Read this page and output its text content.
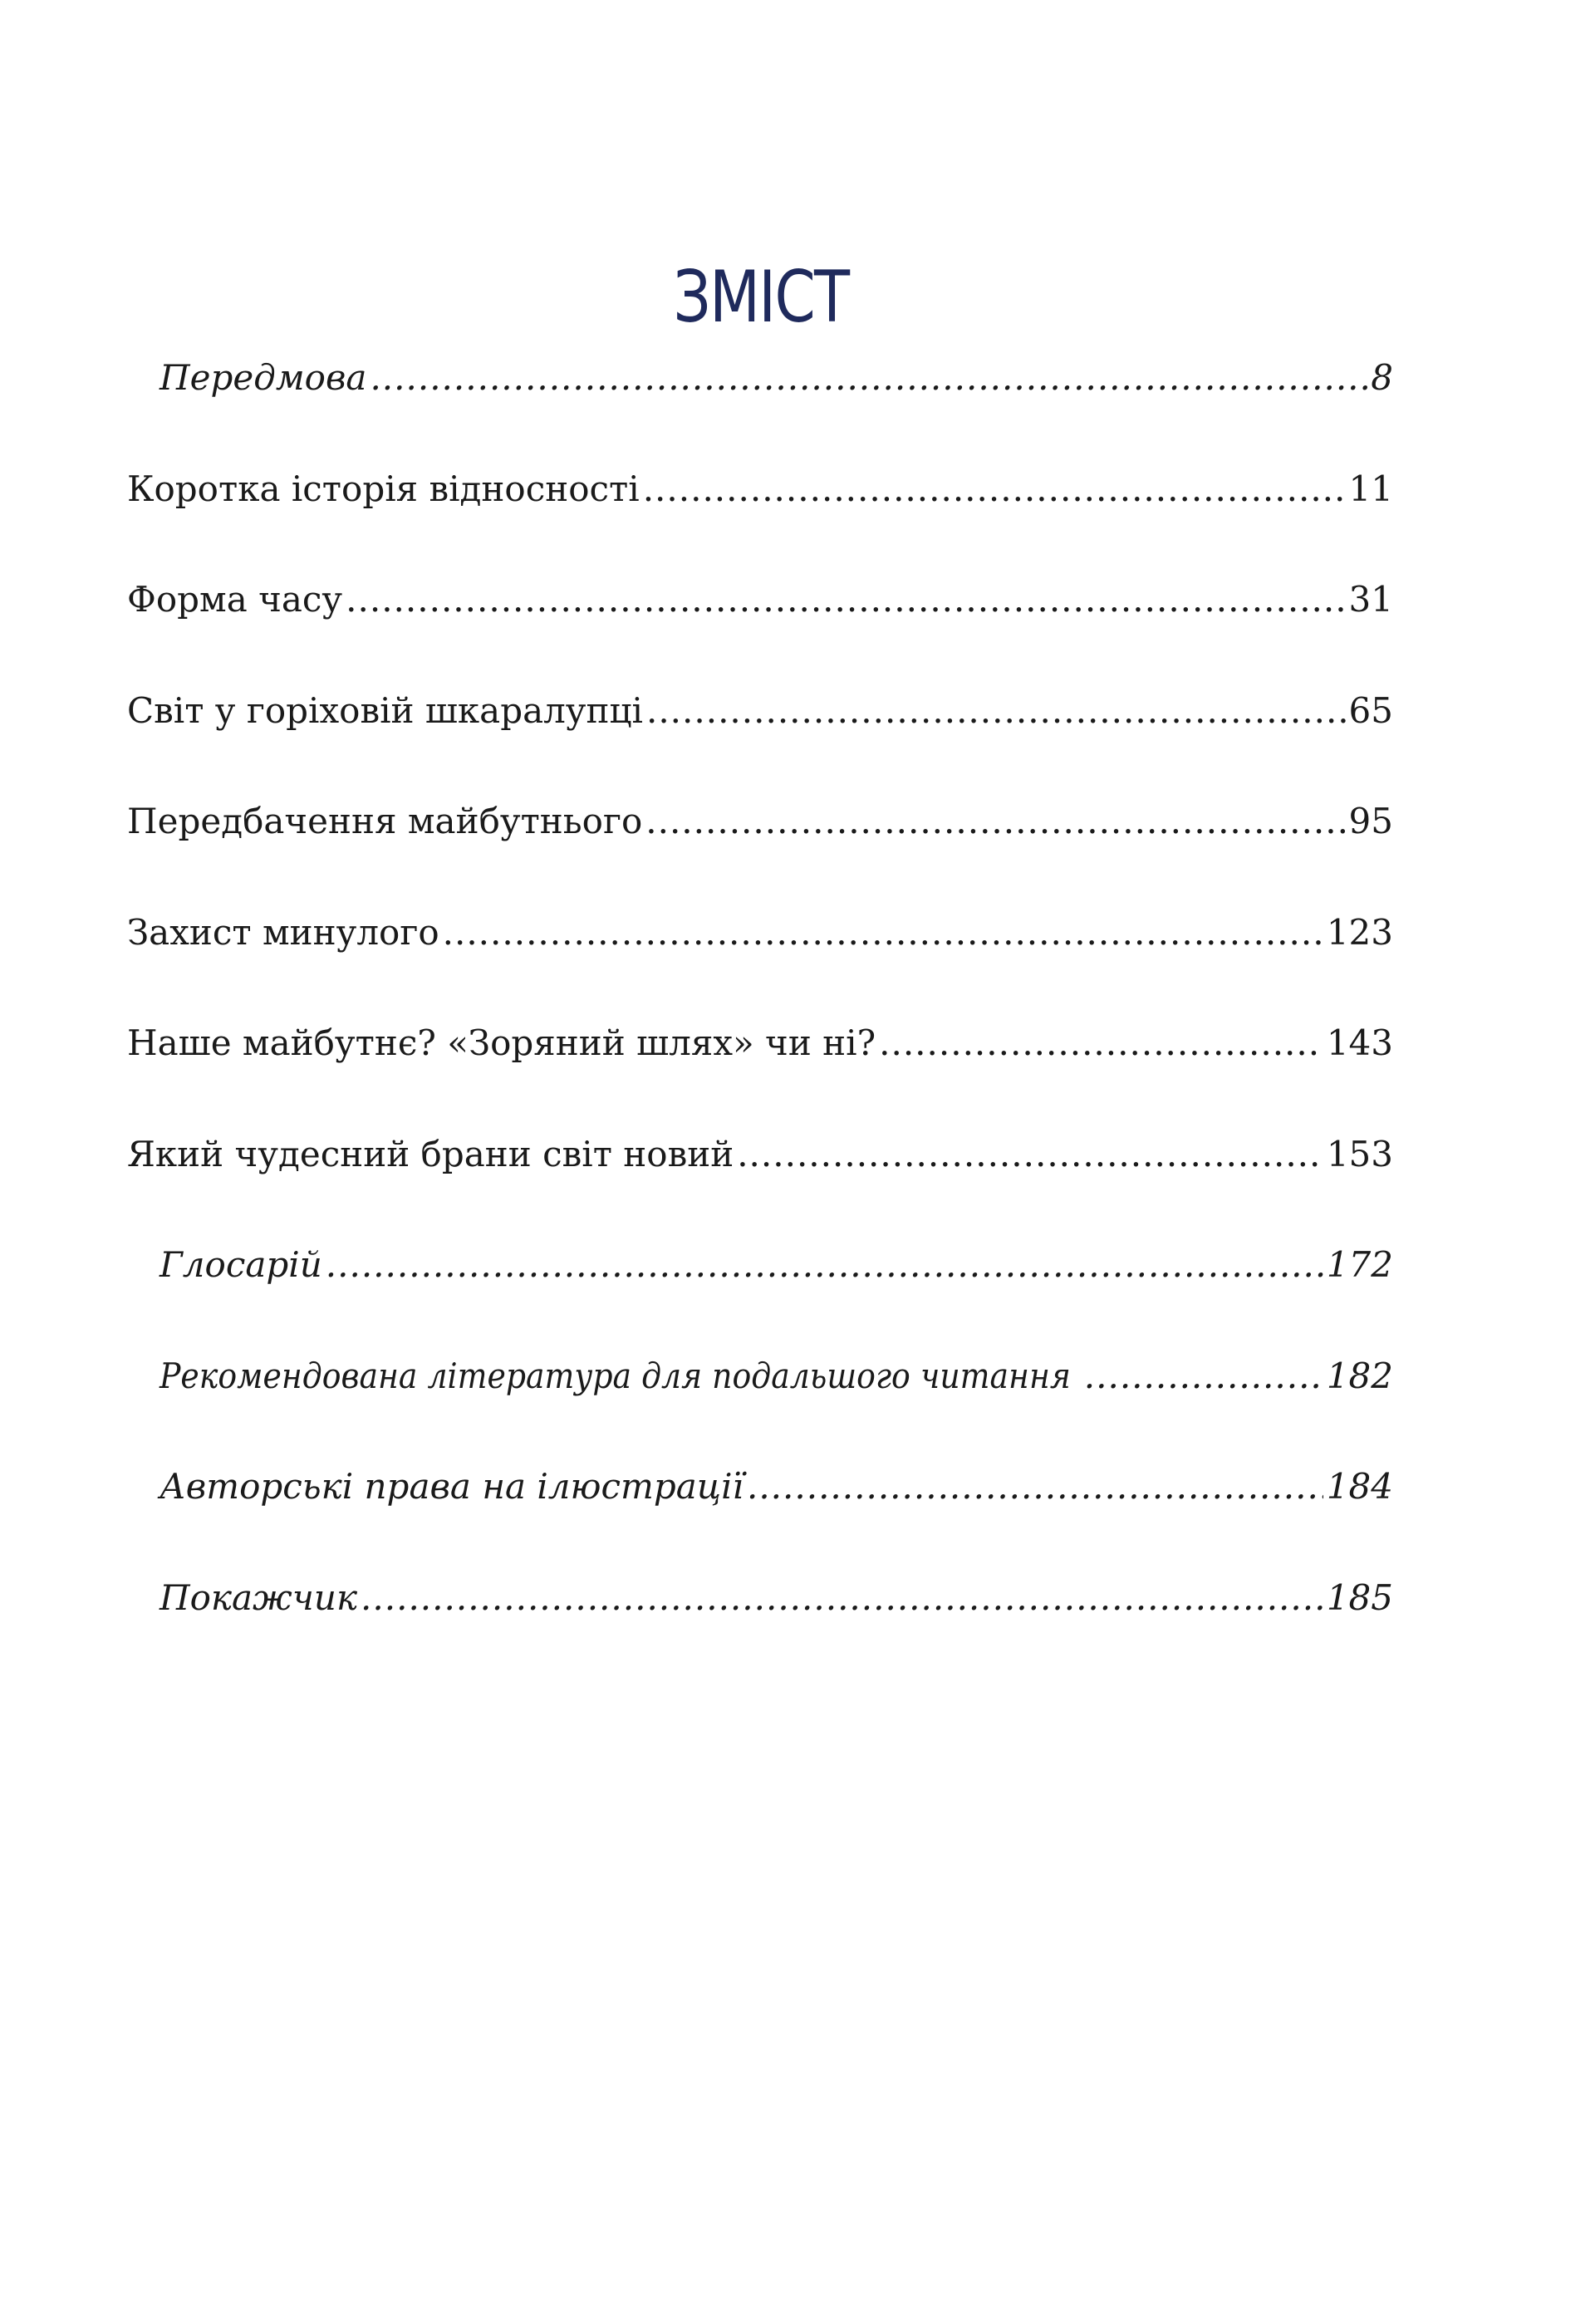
ЗМІСТ
Передмова .....	8
Коротка історія відносності .....	11
Форма часу .....	31
Світ у горіховій шкаралупці .....	65
Передбачення майбутнього .....	95
Захист минулого .....	123
Наше майбутнє? «Зоряний шлях» чи ні? .....	143
Який чудесний брани світ новий .....	153
Глосарій .....	172
Рекомендована література для подальшого читання .....	182
Авторські права на ілюстрації .....	184
Покажчик .....	185
